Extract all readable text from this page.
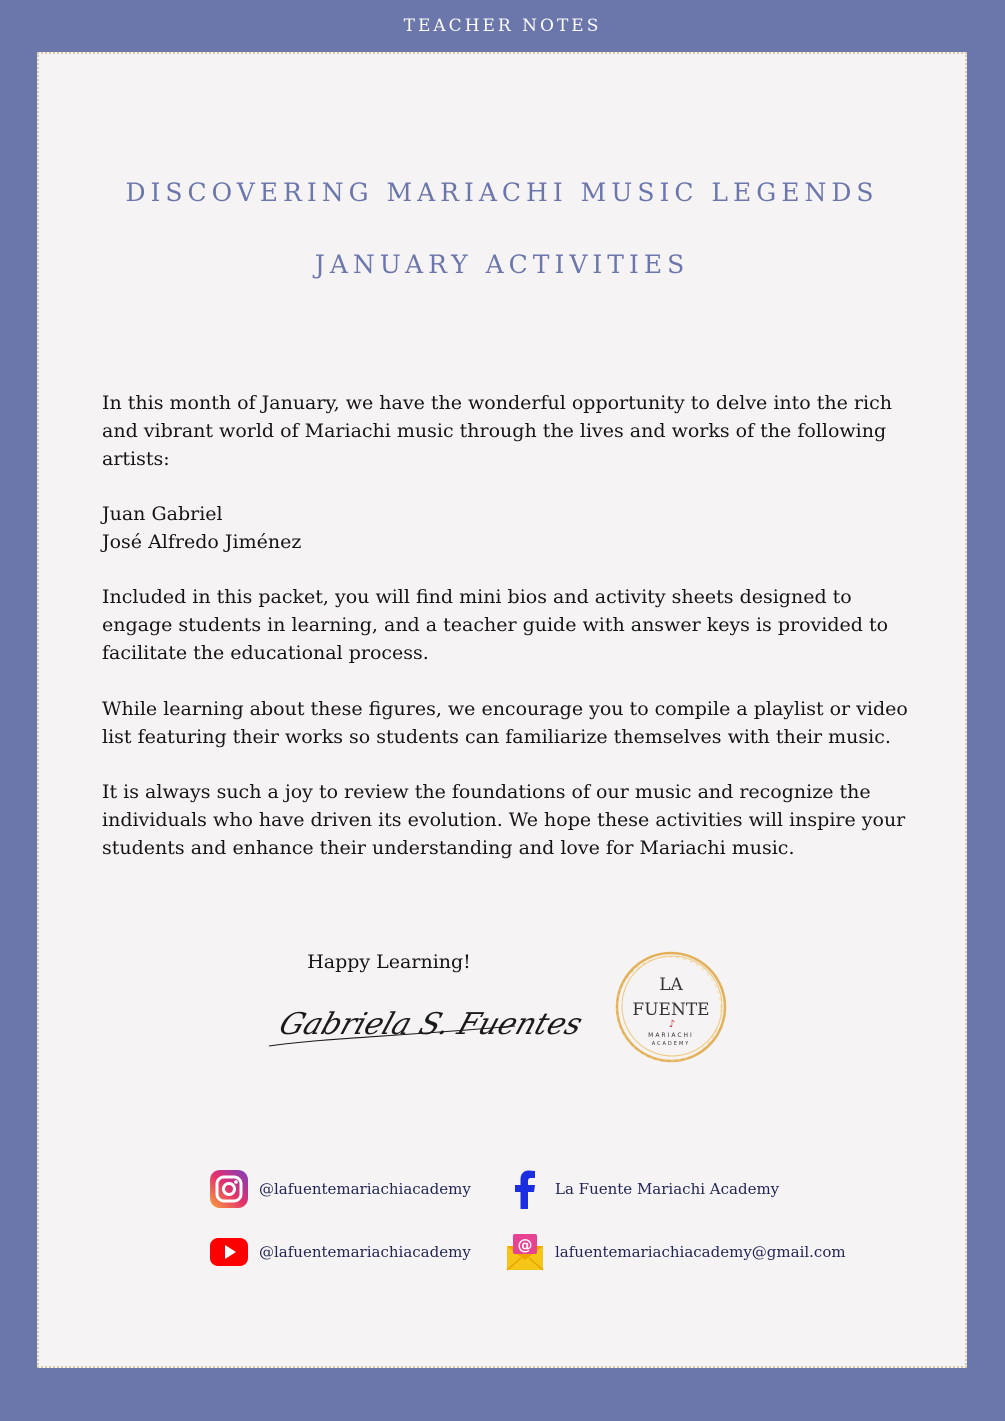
TEACHER NOTES
DISCOVERING MARIACHI MUSIC LEGENDS
JANUARY ACTIVITIES

In this month of January, we have the wonderful opportunity to delve into the rich and vibrant world of Mariachi music through the lives and works of the following artists:

Juan Gabriel

José Alfredo Jiménez

Included in this packet, you will find mini bios and activity sheets designed to engage students in learning, and a teacher guide with answer keys is provided to facilitate the educational process.

While learning about these figures, we encourage you to compile a playlist or video list featuring their works so students can familiarize themselves with their music.

It is always such a joy to review the foundations of our music and recognize the individuals who have driven its evolution. We hope these activities will inspire your students and enhance their understanding and love for Mariachi music.

Happy Learning!
Gabriela S. Fuentes
LA
FUENTE
♪
MARIACHI
ACADEMY
@lafuentemariachiacademy	La Fuente Mariachi Academy
@lafuentemariachiacademy	@ lafuentemariachiacademy@gmail.com
